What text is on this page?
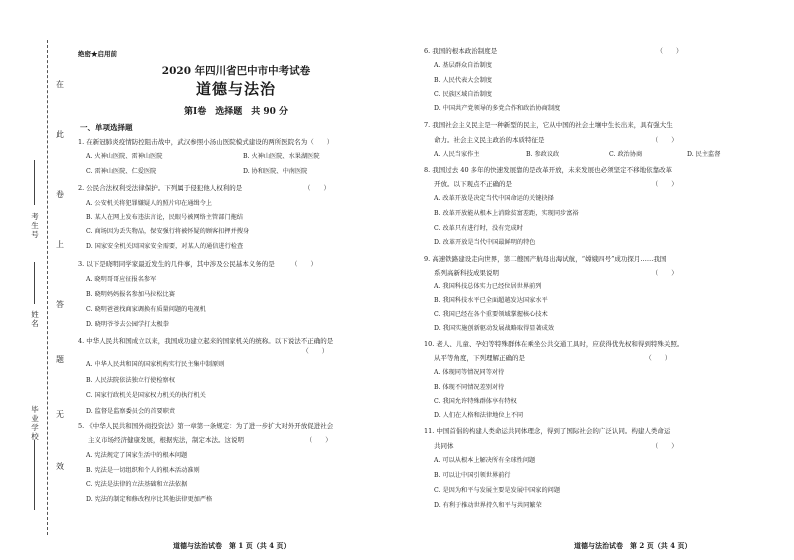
在
此
卷
上
答
题
无
效
考生号
姓名
毕业学校
绝密★启用前
2020 年四川省巴中市中考试卷
道德与法治
第Ⅰ卷　选择题　共 90 分
一、单项选择题
1. 在新冠肺炎疫情防控阻击战中，武汉参照小汤山医院模式建设的两所医院名为（　　）
A. 火神山医院、雷神山医院	B. 火神山医院、水果湖医院
C. 雷神山医院、仁爱医院	D. 协和医院、中南医院
2. 公民合法权利受法律保护。下列属于侵犯他人权利的是　　　　　　　　　　（　　）
A. 公安机关将犯罪嫌疑人的照片印在通缉令上
B. 某人在网上发布违法言论，民眼号被网络主管部门拖结
C. 商场因为丢失物品，保安强行将被怀疑的顾客扣押并搜身
D. 国家安全机关因国家安全需要，对某人的通信进行检查
3. 以下是晓明同学家最近发生的几件事，其中涉及公民基本义务的是　　　（　　）
A. 晓明哥哥应征报名参军
B. 晓明妈妈报名参加马拉松比赛
C. 晓明爸爸找商家调换有质量问题的电视机
D. 晓明爷爷去公园学打太极拳
4. 中华人民共和国成立以来，我国成功建立起来的国家机关的统称。以下说法不正确的是
　　　　　　　　　　　　　　　　　　　　　　　　　　　　　　　　　　　（　　）
A. 中华人民共和国的国家机构实行民主集中制原则
B. 人民法院依法独立行使检察权
C. 国家行政机关是国家权力机关的执行机关
D. 监督是监察委员会的首要职责
5. 《中华人民共和国外商投资法》第一章第一条规定：为了进一步扩大对外开放促进社会
主义市场经济健康发展，根据宪法，制定本法。这说明　　　　　　　　　　（　　）
A. 宪法规定了国家生活中的根本问题
B. 宪法是一切组织和个人的根本活动准则
C. 宪法是法律的立法基础和立法依据
D. 宪法的制定和修改程序比其他法律更加严格
道德与法治试卷　第 1 页（共 4 页）
6. 我国的根本政治制度是　　　　　　　　　　　　　　　　　　　　　　　　　（　　）
A. 基层群众自治制度
B. 人民代表大会制度
C. 民族区域自治制度
D. 中国共产党领导的多党合作和政治协商制度
7. 我国社会主义民主是一种新型的民主，它从中国的社会土壤中生长出来，具有强大生
命力。社会主义民主政治的本质特征是　　　　　　　　　　　　　　　　　（　　）
A. 人民当家作主	B. 参政议政	C. 政治协商	D. 民主监督
8. 我国过去 40 多年的快速发展靠的是改革开放，未来发展也必须坚定不移地依靠改革
开放。以下观点不正确的是　　　　　　　　　　　　　　　　　　　　　　（　　）
A. 改革开放是决定当代中国命运的关键抉择
B. 改革开放能从根本上消除贫富差距，实现同步富裕
C. 改革只有进行时，没有完成时
D. 改革开放是当代中国最鲜明的特色
9. 高速铁路建设走向世界，第二艘国产航母出海试航，“嫦娥四号”成功探月……我国
系列高新科技成果说明　　　　　　　　　　　　　　　　　　　　　　　　（　　）
A. 我国科技总体实力已经位居世界前列
B. 我国科技水平已全面超越发达国家水平
C. 我国已经在各个重要领域掌握核心技术
D. 我国实施创新驱动发展战略取得显著成效
10. 老人、儿童、孕妇等特殊群体在乘坐公共交通工具时，应获得优先权和得到特殊关照。
从平等角度，下列理解正确的是　　　　　　　　　　　　　　　　　　　（　　）
A. 体现同等情况同等对待
B. 体现不同情况差别对待
C. 我国允许特殊群体享有特权
D. 人们在人格和法律地位上不同
11. 中国首倡的构建人类命运共同体理念，得到了国际社会的广泛认同。构建人类命运
共同体　　　　　　　　　　　　　　　　　　　　　　　　　　　　　　　（　　）
A. 可以从根本上解决所有全球性问题
B. 可以让中国引领世界前行
C. 是因为和平与发展主要是发展中国家的问题
D. 有利于推动世界持久和平与共同繁荣
道德与法治试卷　第 2 页（共 4 页）
